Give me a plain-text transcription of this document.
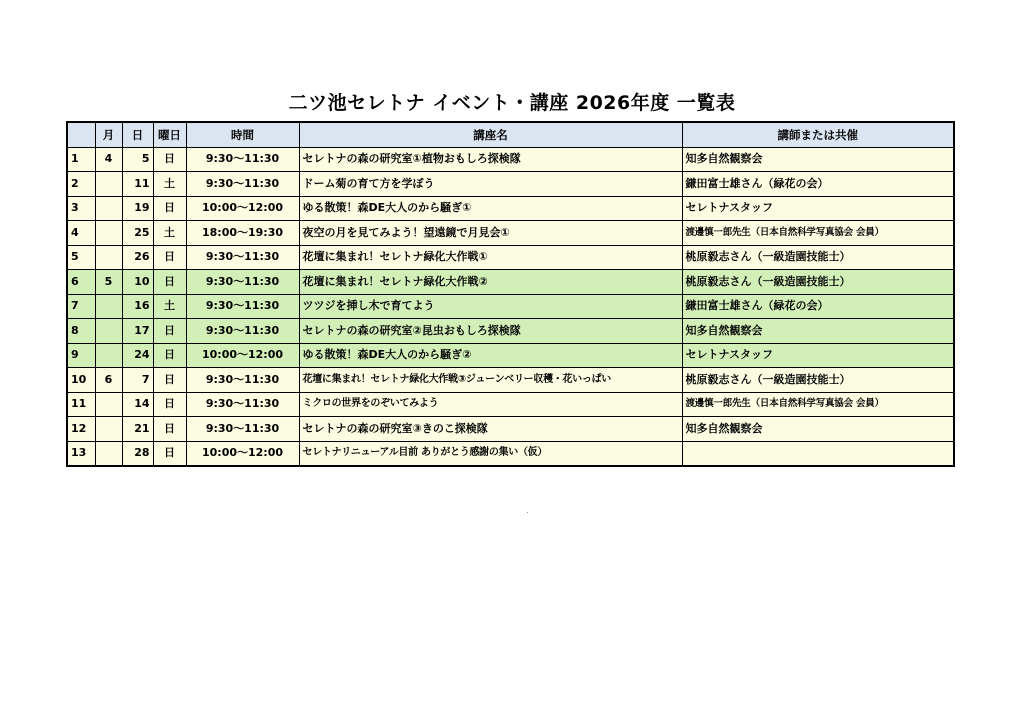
二ツ池セレトナ イベント・講座 2026年度 一覧表
	月	日	曜日	時間	講座名	講師または共催
1	4	5	日	9:30～11:30	セレトナの森の研究室①植物おもしろ探検隊	知多自然観察会
2		11	土	9:30～11:30	ドーム菊の育て方を学ぼう	鎌田富士雄さん（緑花の会）
3		19	日	10:00～12:00	ゆる散策！森DE大人のから騒ぎ①	セレトナスタッフ
4		25	土	18:00～19:30	夜空の月を見てみよう！望遠鏡で月見会①	渡邊慎一郎先生（日本自然科学写真協会 会員）
5		26	日	9:30～11:30	花壇に集まれ！セレトナ緑化大作戦①	桃原毅志さん（一級造園技能士）
6	5	10	日	9:30～11:30	花壇に集まれ！セレトナ緑化大作戦②	桃原毅志さん（一級造園技能士）
7		16	土	9:30～11:30	ツツジを挿し木で育てよう	鎌田富士雄さん（緑花の会）
8		17	日	9:30～11:30	セレトナの森の研究室②昆虫おもしろ探検隊	知多自然観察会
9		24	日	10:00～12:00	ゆる散策！森DE大人のから騒ぎ②	セレトナスタッフ
10	6	7	日	9:30～11:30	花壇に集まれ！セレトナ緑化大作戦③ジューンベリー収穫・花いっぱい	桃原毅志さん（一級造園技能士）
11		14	日	9:30～11:30	ミクロの世界をのぞいてみよう	渡邊慎一郎先生（日本自然科学写真協会 会員）
12		21	日	9:30～11:30	セレトナの森の研究室③きのこ探検隊	知多自然観察会
13		28	日	10:00～12:00	セレトナリニューアル目前 ありがとう感謝の集い（仮）	
